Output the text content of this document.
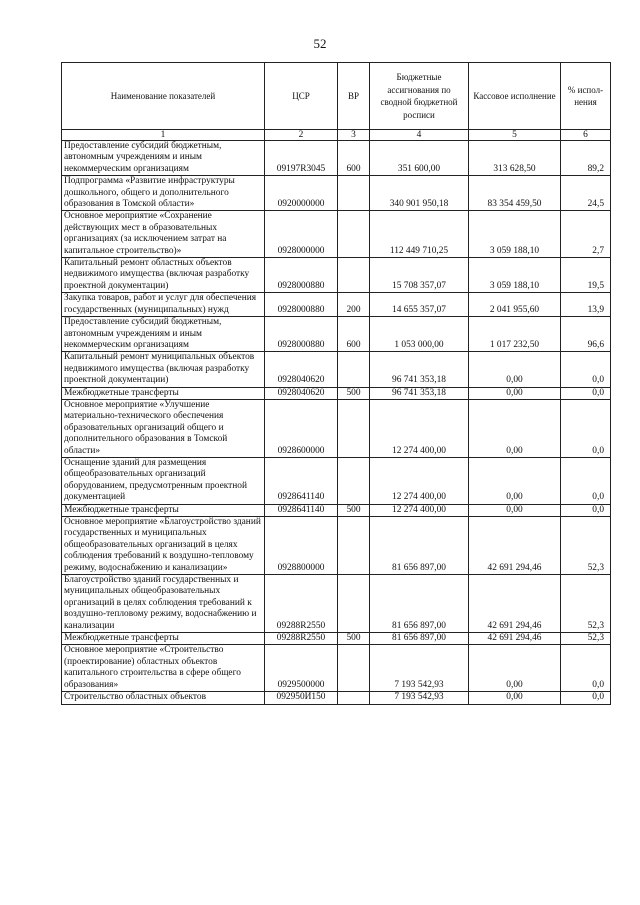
52
Наименование показателей	ЦСР	ВР	Бюджетные ассигнования по сводной бюджетной росписи	Кассовое исполнение	% испол-нения
1	2	3	4	5	6
Предоставление субсидий бюджетным, автономным учреждениям и иным некоммерческим организациям	09197R3045	600	351 600,00	313 628,50	89,2
Подпрограмма «Развитие инфраструктуры дошкольного, общего и дополнительного образования в Томской области»	0920000000		340 901 950,18	83 354 459,50	24,5
Основное мероприятие «Сохранение действующих мест в образовательных организациях (за исключением затрат на капитальное строительство)»	0928000000		112 449 710,25	3 059 188,10	2,7
Капитальный ремонт областных объектов недвижимого имущества (включая разработку проектной документации)	0928000880		15 708 357,07	3 059 188,10	19,5
Закупка товаров, работ и услуг для обеспечения государственных (муниципальных) нужд	0928000880	200	14 655 357,07	2 041 955,60	13,9
Предоставление субсидий бюджетным, автономным учреждениям и иным некоммерческим организациям	0928000880	600	1 053 000,00	1 017 232,50	96,6
Капитальный ремонт муниципальных объектов недвижимого имущества (включая разработку проектной документации)	0928040620		96 741 353,18	0,00	0,0
Межбюджетные трансферты	0928040620	500	96 741 353,18	0,00	0,0
Основное мероприятие «Улучшение материально-технического обеспечения образовательных организаций общего и дополнительного образования в Томской области»	0928600000		12 274 400,00	0,00	0,0
Оснащение зданий для размещения общеобразовательных организаций оборудованием, предусмотренным проектной документацией	0928641140		12 274 400,00	0,00	0,0
Межбюджетные трансферты	0928641140	500	12 274 400,00	0,00	0,0
Основное мероприятие «Благоустройство зданий государственных и муниципальных общеобразовательных организаций в целях соблюдения требований к воздушно-тепловому режиму, водоснабжению и канализации»	0928800000		81 656 897,00	42 691 294,46	52,3
Благоустройство зданий государственных и муниципальных общеобразовательных организаций в целях соблюдения требований к воздушно-тепловому режиму, водоснабжению и канализации	09288R2550		81 656 897,00	42 691 294,46	52,3
Межбюджетные трансферты	09288R2550	500	81 656 897,00	42 691 294,46	52,3
Основное мероприятие «Строительство (проектирование) областных объектов капитального строительства в сфере общего образования»	0929500000		7 193 542,93	0,00	0,0
Строительство областных объектов	092950И150		7 193 542,93	0,00	0,0
